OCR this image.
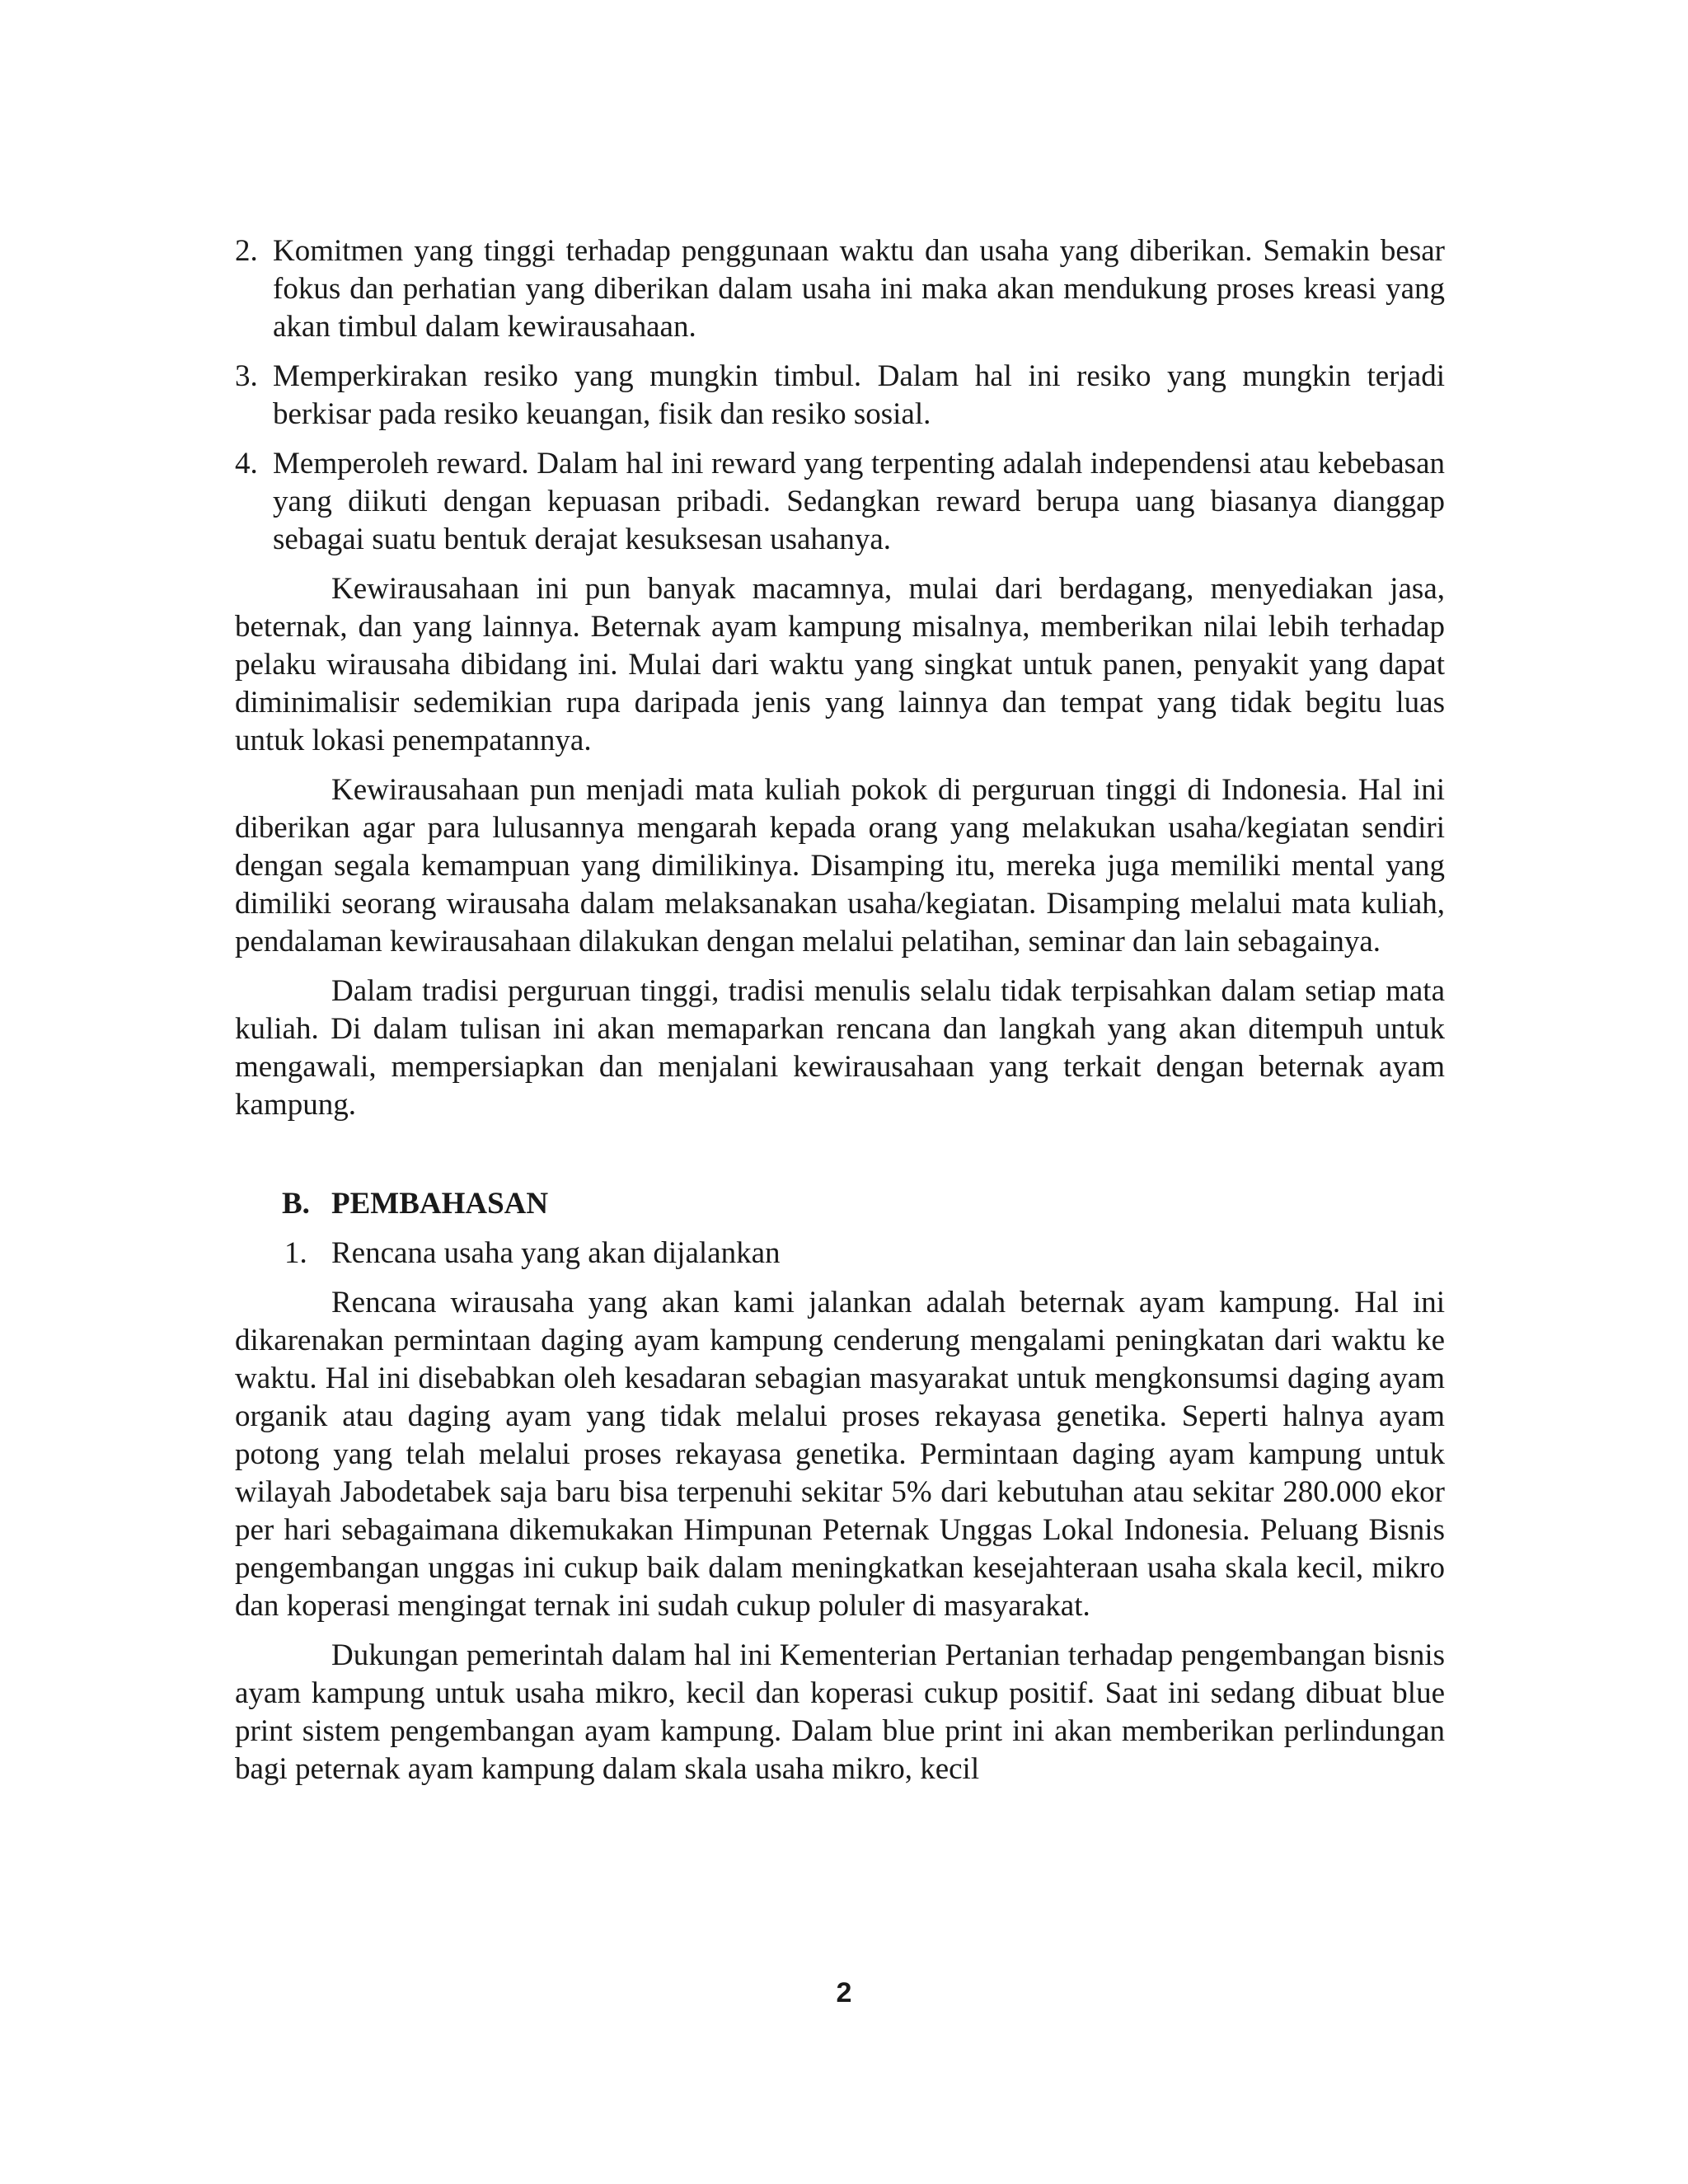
2. Komitmen yang tinggi terhadap penggunaan waktu dan usaha yang diberikan. Semakin besar fokus dan perhatian yang diberikan dalam usaha ini maka akan mendukung proses kreasi yang akan timbul dalam kewirausahaan.

3. Memperkirakan resiko yang mungkin timbul. Dalam hal ini resiko yang mungkin terjadi berkisar pada resiko keuangan, fisik dan resiko sosial.

4. Memperoleh reward. Dalam hal ini reward yang terpenting adalah independensi atau kebebasan yang diikuti dengan kepuasan pribadi. Sedangkan reward berupa uang biasanya dianggap sebagai suatu bentuk derajat kesuksesan usahanya.

Kewirausahaan ini pun banyak macamnya, mulai dari berdagang, menyediakan jasa, beternak, dan yang lainnya. Beternak ayam kampung misalnya, memberikan nilai lebih terhadap pelaku wirausaha dibidang ini. Mulai dari waktu yang singkat untuk panen, penyakit yang dapat diminimalisir sedemikian rupa daripada jenis yang lainnya dan tempat yang tidak begitu luas untuk lokasi penempatannya.

Kewirausahaan pun menjadi mata kuliah pokok di perguruan tinggi di Indonesia. Hal ini diberikan agar para lulusannya mengarah kepada orang yang melakukan usaha/kegiatan sendiri dengan segala kemampuan yang dimilikinya. Disamping itu, mereka juga memiliki mental yang dimiliki seorang wirausaha dalam melaksanakan usaha/kegiatan. Disamping melalui mata kuliah, pendalaman kewirausahaan dilakukan dengan melalui pelatihan, seminar dan lain sebagainya.

Dalam tradisi perguruan tinggi, tradisi menulis selalu tidak terpisahkan dalam setiap mata kuliah. Di dalam tulisan ini akan memaparkan rencana dan langkah yang akan ditempuh untuk mengawali, mempersiapkan dan menjalani kewirausahaan yang terkait dengan beternak ayam kampung.

B. PEMBAHASAN
1. Rencana usaha yang akan dijalankan

Rencana wirausaha yang akan kami jalankan adalah beternak ayam kampung. Hal ini dikarenakan permintaan daging ayam kampung cenderung mengalami peningkatan dari waktu ke waktu. Hal ini disebabkan oleh kesadaran sebagian masyarakat untuk mengkonsumsi daging ayam organik atau daging ayam yang tidak melalui proses rekayasa genetika. Seperti halnya ayam potong yang telah melalui proses rekayasa genetika. Permintaan daging ayam kampung untuk wilayah Jabodetabek saja baru bisa terpenuhi sekitar 5% dari kebutuhan atau sekitar 280.000 ekor per hari sebagaimana dikemukakan Himpunan Peternak Unggas Lokal Indonesia. Peluang Bisnis pengembangan unggas ini cukup baik dalam meningkatkan kesejahteraan usaha skala kecil, mikro dan koperasi mengingat ternak ini sudah cukup poluler di masyarakat.

Dukungan pemerintah dalam hal ini Kementerian Pertanian terhadap pengembangan bisnis ayam kampung untuk usaha mikro, kecil dan koperasi cukup positif. Saat ini sedang dibuat blue print sistem pengembangan ayam kampung. Dalam blue print ini akan memberikan perlindungan bagi peternak ayam kampung dalam skala usaha mikro, kecil

2
